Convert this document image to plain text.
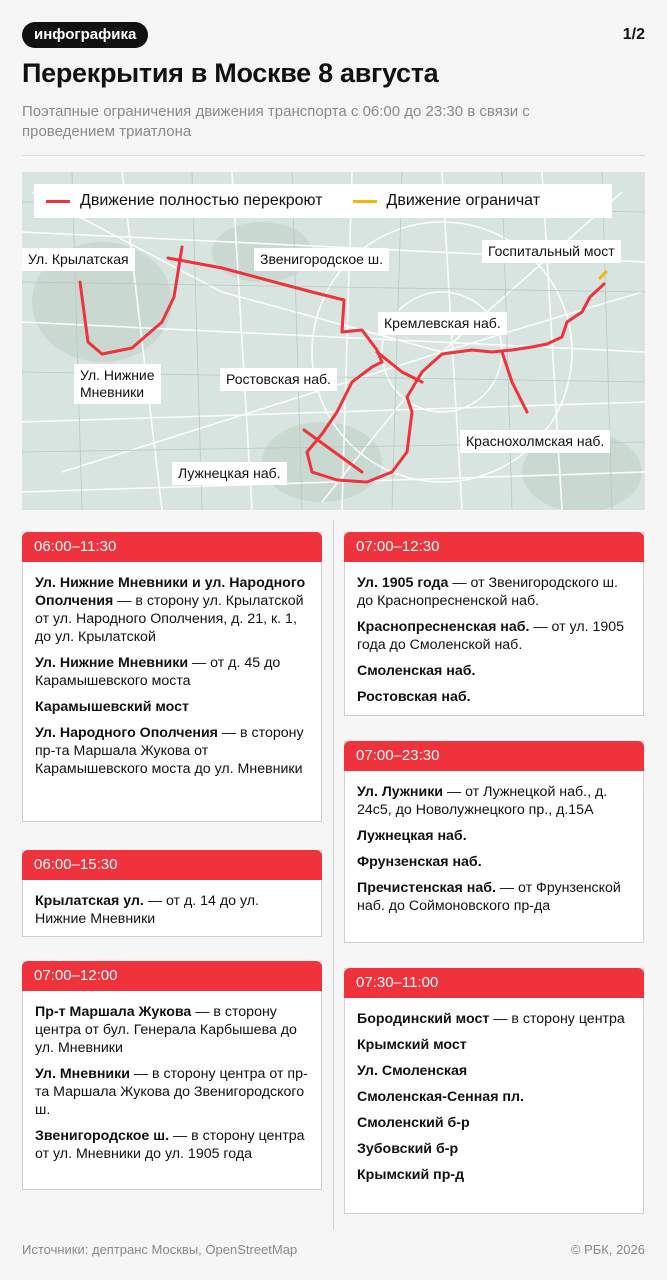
инфографика	1/2
Перекрытия в Москве 8 августа
Поэтапные ограничения движения транспорта с 06:00 до 23:30 в связи с проведением триатлона
Движение полностью перекроют	Движение ограничат
Ул. Крылатская	Звенигородское ш.	Госпитальный мост
Кремлевская наб.
Ул. Нижние
Мневники
Ростовская наб.
Краснохолмская наб.
Лужнецкая наб.
06:00–11:30
Ул. Нижние Мневники и ул. Народного Ополчения — в сторону ул. Крылатской от ул. Народного Ополчения, д. 21, к. 1, до ул. Крылатской
Ул. Нижние Мневники — от д. 45 до Карамышевского моста
Карамышевский мост
Ул. Народного Ополчения — в сторону пр-та Маршала Жукова от Карамышевского моста до ул. Мневники
06:00–15:30
Крылатская ул. — от д. 14 до ул. Нижние Мневники
07:00–12:00
Пр-т Маршала Жукова — в сторону центра от бул. Генерала Карбышева до ул. Мневники
Ул. Мневники — в сторону центра от пр-та Маршала Жукова до Звенигородского ш.
Звенигородское ш. — в сторону центра от ул. Мневники до ул. 1905 года
07:00–12:30
Ул. 1905 года — от Звенигородского ш. до Краснопресненской наб.
Краснопресненская наб. — от ул. 1905 года до Смоленской наб.
Смоленская наб.
Ростовская наб.
07:00–23:30
Ул. Лужники — от Лужнецкой наб., д. 24с5, до Новолужнецкого пр., д.15А
Лужнецкая наб.
Фрунзенская наб.
Пречистенская наб. — от Фрунзенской наб. до Соймоновского пр-да
07:30–11:00
Бородинский мост — в сторону центра
Крымский мост
Ул. Смоленская
Смоленская-Сенная пл.
Смоленский б-р
Зубовский б-р
Крымский пр-д
Источники: дептранс Москвы, OpenStreetMap	© РБК, 2026
